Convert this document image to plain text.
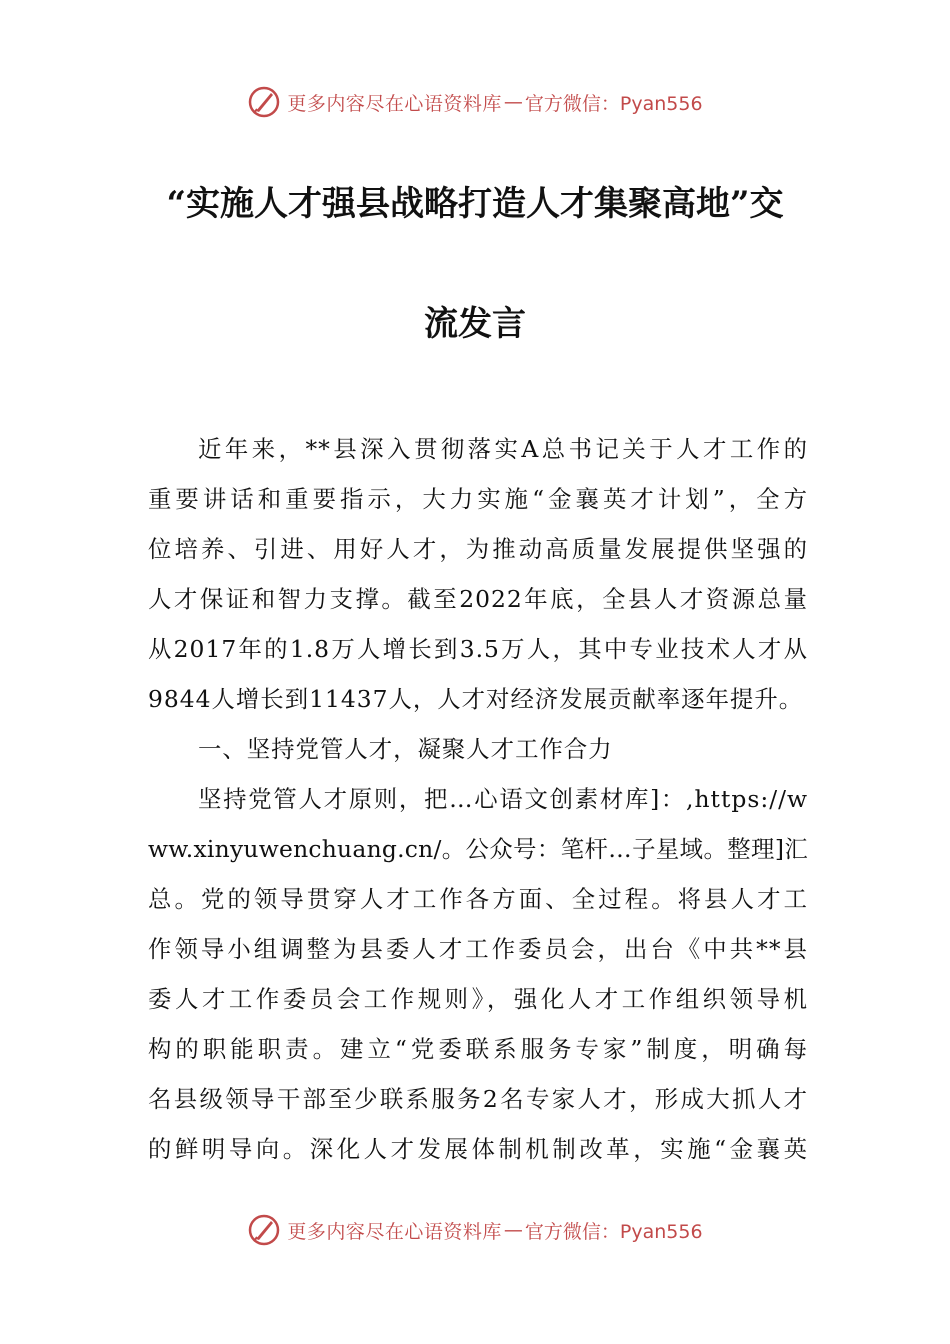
更多内容尽在心语资料库 — 官方微信：Pyan556
“实施人才强县战略打造人才集聚高地”交
流发言
近年来，**县深入贯彻落实A总书记关于人才工作的
重要讲话和重要指示，大力实施“金襄英才计划”，全方
位培养、引进、用好人才，为推动高质量发展提供坚强的
人才保证和智力支撑。截至2022年底，全县人才资源总量
从2017年的1.8万人增长到3.5万人，其中专业技术人才从
9844人增长到11437人，人才对经济发展贡献率逐年提升。
一、坚持党管人才，凝聚人才工作合力
坚持党管人才原则，把…心语文创素材库]：,https://w
ww.xinyuwenchuang.cn/。公众号：笔杆…子星域。整理]汇
总。党的领导贯穿人才工作各方面、全过程。将县人才工
作领导小组调整为县委人才工作委员会，出台《中共**县
委人才工作委员会工作规则》，强化人才工作组织领导机
构的职能职责。建立“党委联系服务专家”制度，明确每
名县级领导干部至少联系服务2名专家人才，形成大抓人才
的鲜明导向。深化人才发展体制机制改革，实施“金襄英
更多内容尽在心语资料库 — 官方微信：Pyan556
